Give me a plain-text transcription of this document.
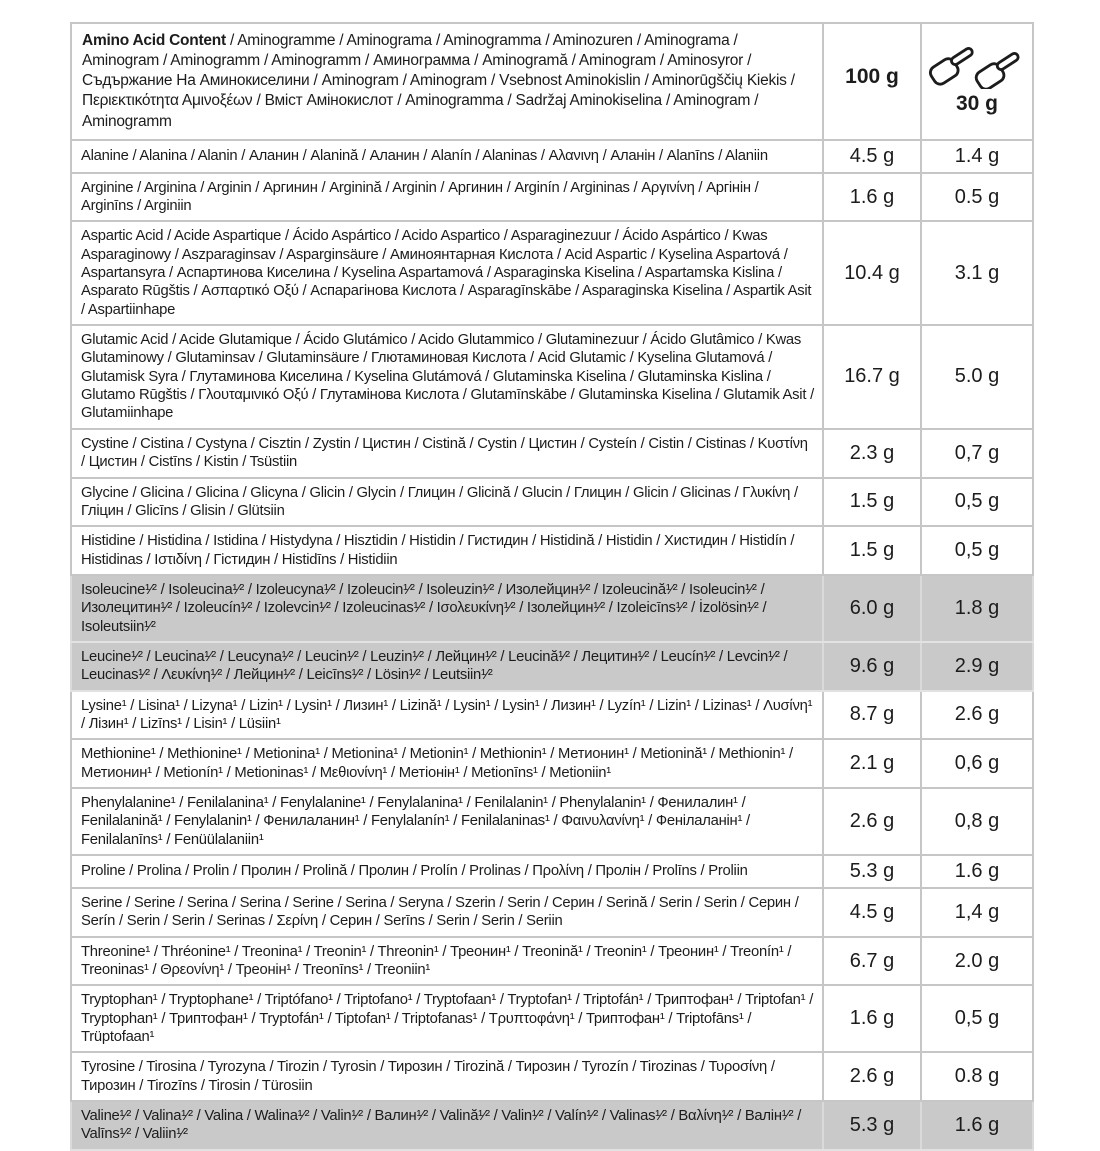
Amino Acid Content / Aminogramme / Aminograma / Aminogramma / Aminozuren / Aminograma / Aminogram / Aminogramm / Aminogramm / Аминограмма / Aminogramă / Aminogram / Aminosyror / Съдържание На Аминокиселини / Aminogram / Aminogram / Vsebnost Aminokislin / Aminorūgščių Kiekis / Περιεκτικότητα Αμινοξέων / Вміст Амінокислот / Aminogramma / Sadržaj Aminokiselina / Aminogram / Aminogramm	100 g	30 g

Alanine / Alanina / Alanin / Аланин / Alanină / Аланин / Alanín / Alaninas / Αλανινη / Аланін / Alanīns / Alaniin	4.5 g	1.4 g
Arginine / Arginina / Arginin / Аргинин / Arginină / Arginin / Аргинин / Arginín / Argininas / Αργινίνη / Аргінін / Arginīns / Arginiin	1.6 g	0.5 g
Aspartic Acid / Acide Aspartique / Ácido Aspártico / Acido Aspartico / Asparaginezuur / Ácido Aspártico / Kwas Asparaginowy / Aszparaginsav / Asparginsäure / Аминоянтарная Кислота / Acid Aspartic / Kyselina Aspartová / Aspartansyra / Аспартинова Киселина / Kyselina Aspartamová / Asparaginska Kiselina / Aspartamska Kislina / Asparato Rūgštis / Ασπαρτικό Οξύ / Аспарагінова Кислота / Asparagīnskābe / Asparaginska Kiselina / Aspartik Asit / Aspartiinhape	10.4 g	3.1 g
Glutamic Acid / Acide Glutamique / Ácido Glutámico / Acido Glutammico / Glutaminezuur / Ácido Glutâmico / Kwas Glutaminowy / Glutaminsav / Glutaminsäure / Глютаминовая Кислота / Acid Glutamic / Kyselina Glutamová / Glutamisk Syra / Глутаминова Киселина / Kyselina Glutámová / Glutaminska Kiselina / Glutaminska Kislina / Glutamo Rūgštis / Γλουταμινικό Οξύ / Глутамінова Кислота / Glutamīnskābe / Glutaminska Kiselina / Glutamik Asit / Glutamiinhape	16.7 g	5.0 g
Cystine / Cistina / Cystyna / Cisztin / Zystin / Цистин / Cistină / Cystin / Цистин / Cysteín / Cistin / Cistinas / Κυστίνη / Цистин / Cistīns / Kistin / Tsüstiin	2.3 g	0,7 g
Glycine / Glicina / Glicina / Glicyna / Glicin / Glycin / Глицин / Glicină / Glucin / Глицин / Glicin / Glicinas / Γλυκίνη / Гліцин / Glicīns / Glisin / Glütsiin	1.5 g	0,5 g
Histidine / Histidina / Istidina / Histydyna / Hisztidin / Histidin / Гистидин / Histidină / Histidin / Хистидин / Histidín / Histidinas / Ιστιδίνη / Гістидин / Histidīns / Histidiin	1.5 g	0,5 g
Isoleucine¹⁄² / Isoleucina¹⁄² / Izoleucyna¹⁄² / Izoleucin¹⁄² / Isoleuzin¹⁄² / Изолейцин¹⁄² / Izoleucină¹⁄² / Isoleucin¹⁄² / Изолецитин¹⁄² / Izoleucín¹⁄² / Izolevcin¹⁄² / Izoleucinas¹⁄² / Ισολευκίνη¹⁄² / Ізолейцин¹⁄² / Izoleicīns¹⁄² / İzolösin¹⁄² / Isoleutsiin¹⁄²	6.0 g	1.8 g
Leucine¹⁄² / Leucina¹⁄² / Leucyna¹⁄² / Leucin¹⁄² / Leuzin¹⁄² / Лейцин¹⁄² / Leucină¹⁄² / Лецитин¹⁄² / Leucín¹⁄² / Levcin¹⁄² / Leucinas¹⁄² / Λευκίνη¹⁄² / Лейцин¹⁄² / Leicīns¹⁄² / Lösin¹⁄² / Leutsiin¹⁄²	9.6 g	2.9 g
Lysine¹ / Lisina¹ / Lizyna¹ / Lizin¹ / Lysin¹ / Лизин¹ / Lizină¹ / Lysin¹ / Lysin¹ / Лизин¹ / Lyzín¹ / Lizin¹ / Lizinas¹ / Λυσίνη¹ / Лізин¹ / Lizīns¹ / Lisin¹ / Lüsiin¹	8.7 g	2.6 g
Methionine¹ / Methionine¹ / Metionina¹ / Metionina¹ / Metionin¹ / Methionin¹ / Метионин¹ / Metionină¹ / Methionin¹ / Метионин¹ / Metionín¹ / Metioninas¹ / Μεθιονίνη¹ / Метіонін¹ / Metionīns¹ / Metioniin¹	2.1 g	0,6 g
Phenylalanine¹ / Fenilalanina¹ / Fenylalanine¹ / Fenylalanina¹ / Fenilalanin¹ / Phenylalanin¹ / Фенилалин¹ / Fenilalanină¹ / Fenylalanin¹ / Фенилаланин¹ / Fenylalanín¹ / Fenilalaninas¹ / Φαινυλανίνη¹ / Фенілаланін¹ / Fenilalanīns¹ / Fenüülalaniin¹	2.6 g	0,8 g
Proline / Prolina / Prolin / Пролин / Prolină / Пролин / Prolín / Prolinas / Προλίνη / Пролін / Prolīns / Proliin	5.3 g	1.6 g
Serine / Serine / Serina / Serina / Serine / Serina / Seryna / Szerin / Serin / Серин / Serină / Serin / Serin / Серин / Serín / Serin / Serin / Serinas / Σερίνη / Серин / Serīns / Serin / Serin / Seriin	4.5 g	1,4 g
Threonine¹ / Thréonine¹ / Treonina¹ / Treonin¹ / Threonin¹ / Треонин¹ / Treonină¹ / Treonin¹ / Треонин¹ / Treonín¹ / Treoninas¹ / Θρεονίνη¹ / Треонін¹ / Treonīns¹ / Treoniin¹	6.7 g	2.0 g
Tryptophan¹ / Tryptophane¹ / Triptófano¹ / Triptofano¹ / Tryptofaan¹ / Tryptofan¹ / Triptofán¹ / Триптофан¹ / Triptofan¹ / Tryptophan¹ / Триптофан¹ / Tryptofán¹ / Tiptofan¹ / Triptofanas¹ / Τρυπτοφάνη¹ / Триптофан¹ / Triptofāns¹ / Trüptofaan¹	1.6 g	0,5 g
Tyrosine / Tirosina / Tyrozyna / Tirozin / Tyrosin / Тирозин / Tirozină / Тирозин / Tyrozín / Tirozinas / Τυροσίνη / Тирозин / Tirozīns / Tirosin / Türosiin	2.6 g	0.8 g
Valine¹⁄² / Valina¹⁄² / Valina / Walina¹⁄² / Valin¹⁄² / Валин¹⁄² / Valină¹⁄² / Valin¹⁄² / Valín¹⁄² / Valinas¹⁄² / Βαλίνη¹⁄² / Валін¹⁄² / Valīns¹⁄² / Valiin¹⁄²	5.3 g	1.6 g
